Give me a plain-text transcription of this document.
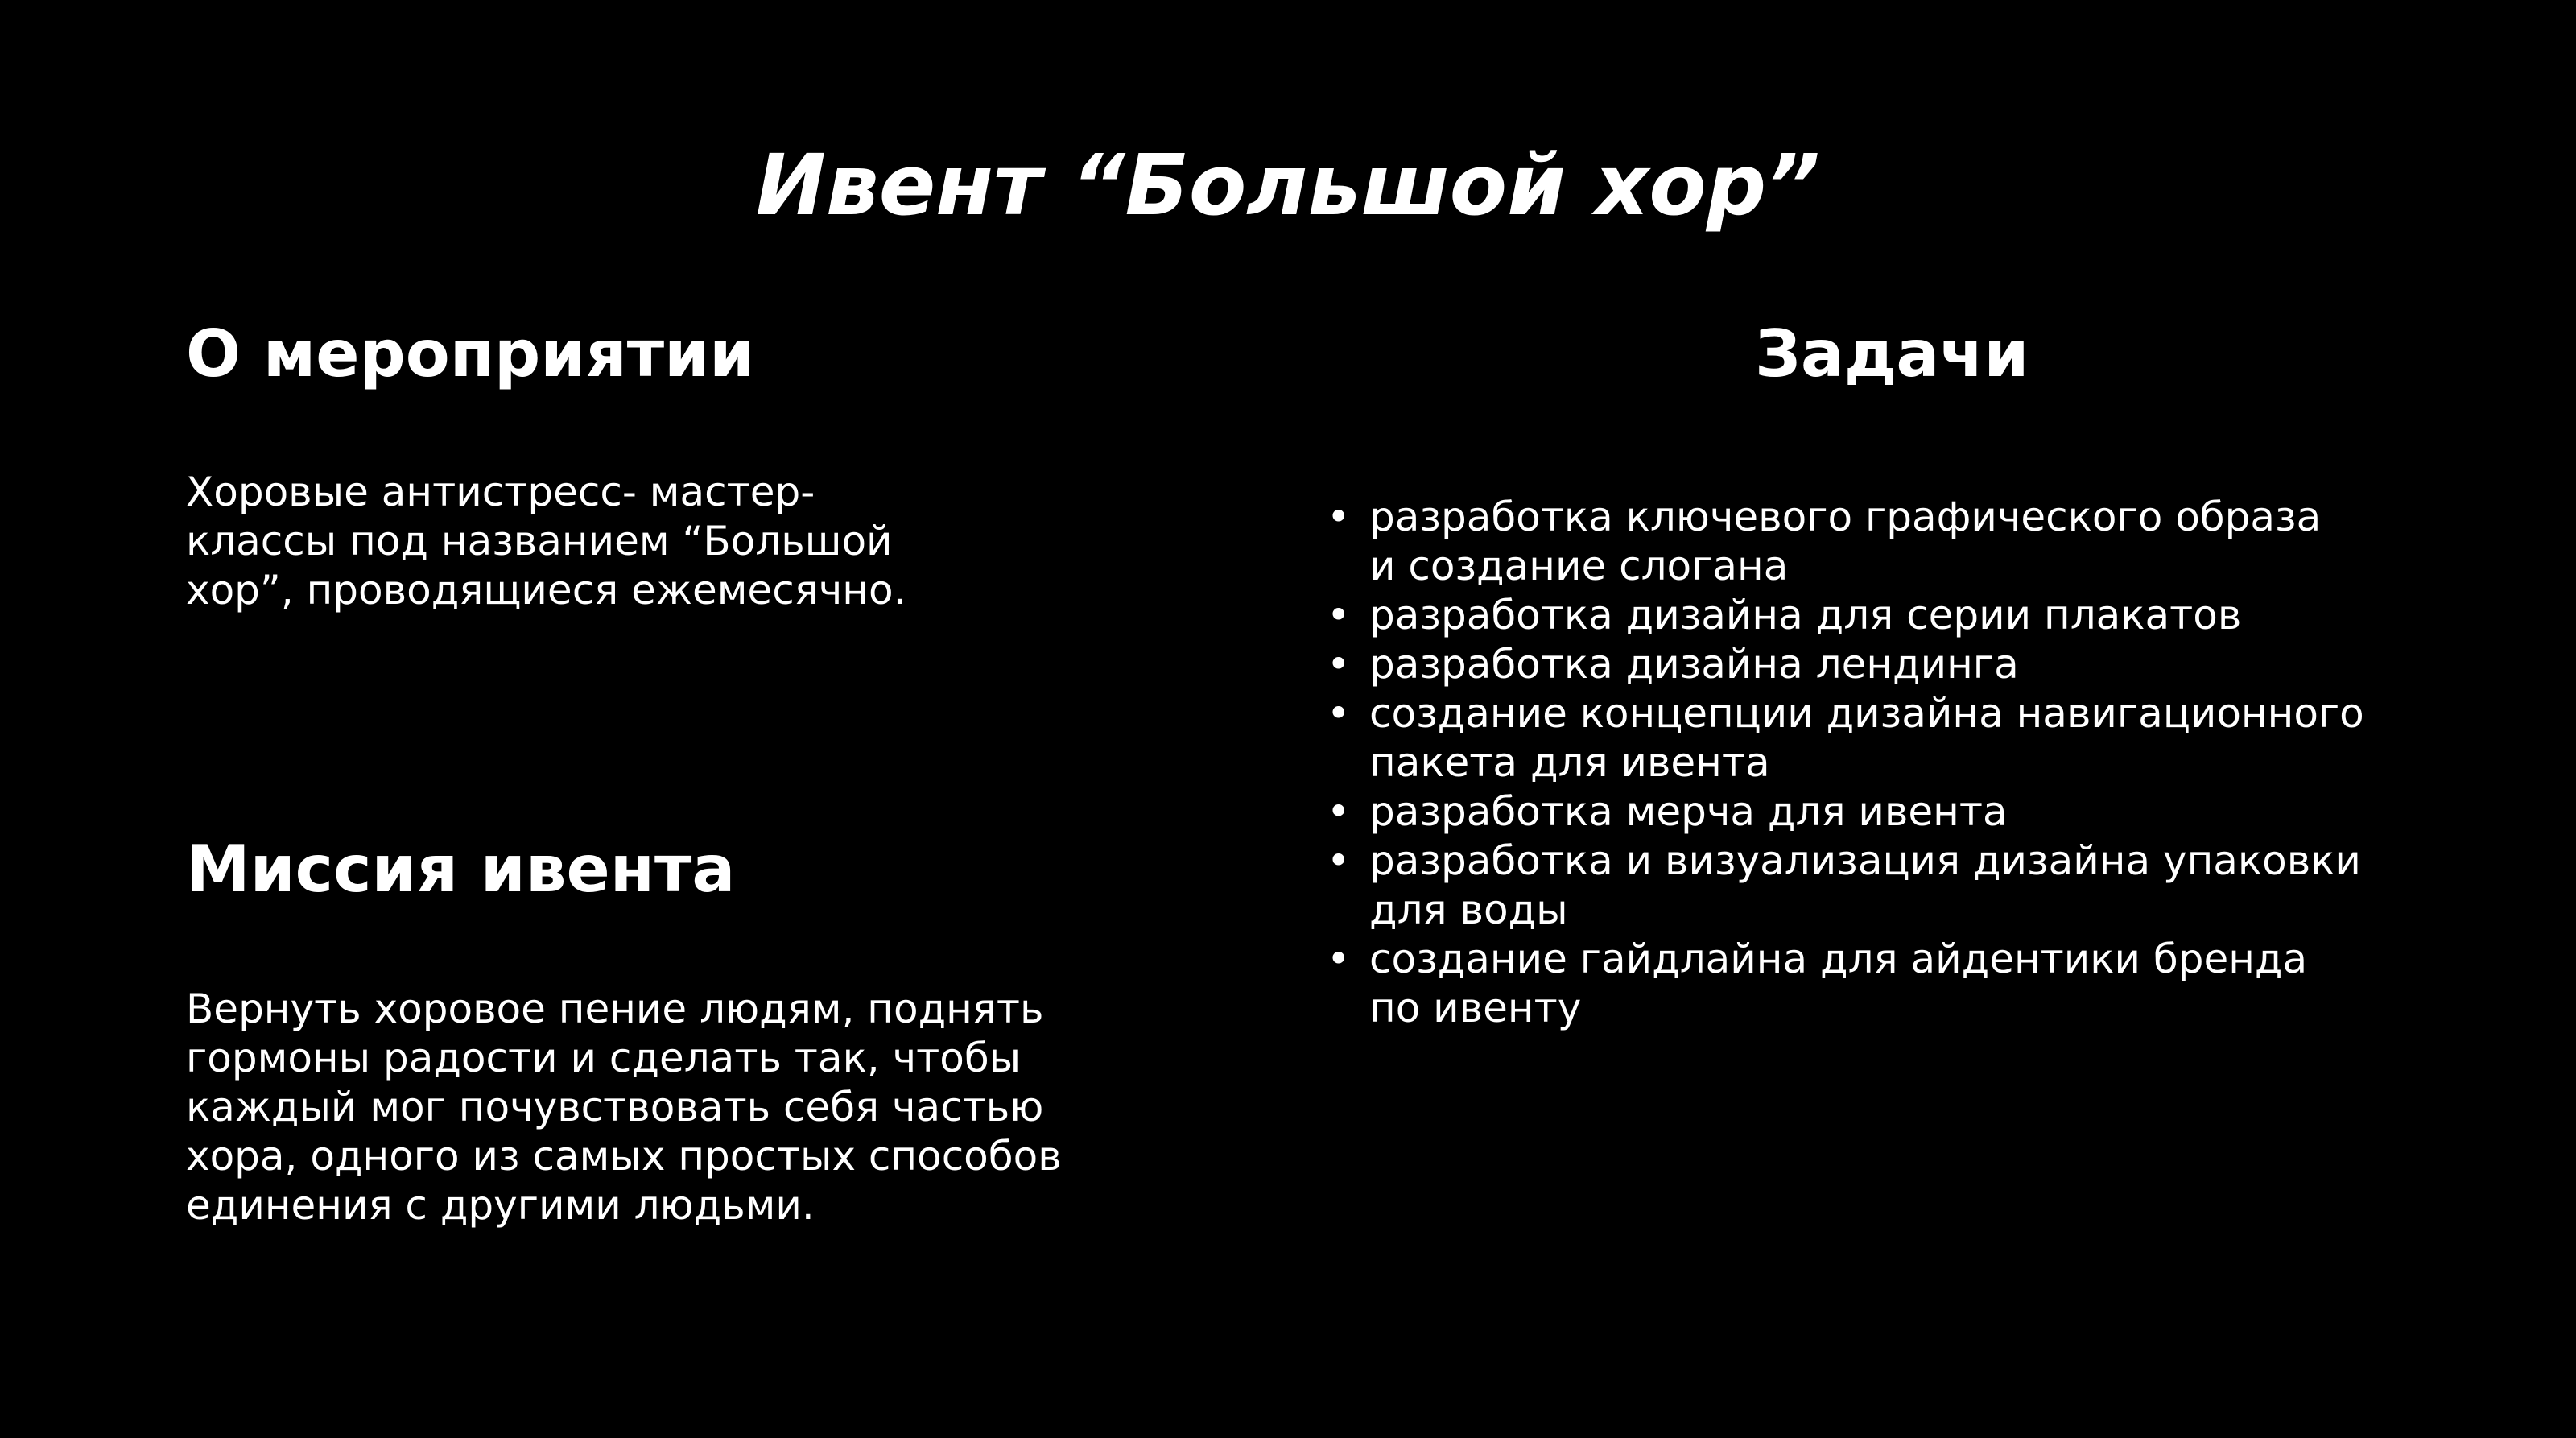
Ивент “Большой хор”
О мероприятии
Хоровые антистресс- мастер-
классы под названием “Большой
хор”, проводящиеся ежемесячно.
Миссия ивента
Вернуть хоровое пение людям, поднять
гормоны радости и сделать так, чтобы
каждый мог почувствовать себя частью
хора, одного из самых простых способов
единения с другими людьми.
Задачи
• разработка ключевого графического образа
и создание слогана
• разработка дизайна для серии плакатов
• разработка дизайна лендинга
• создание концепции дизайна навигационного
пакета для ивента
• разработка мерча для ивента
• разработка и визуализация дизайна упаковки
для воды
• создание гайдлайна для айдентики бренда
по ивенту
